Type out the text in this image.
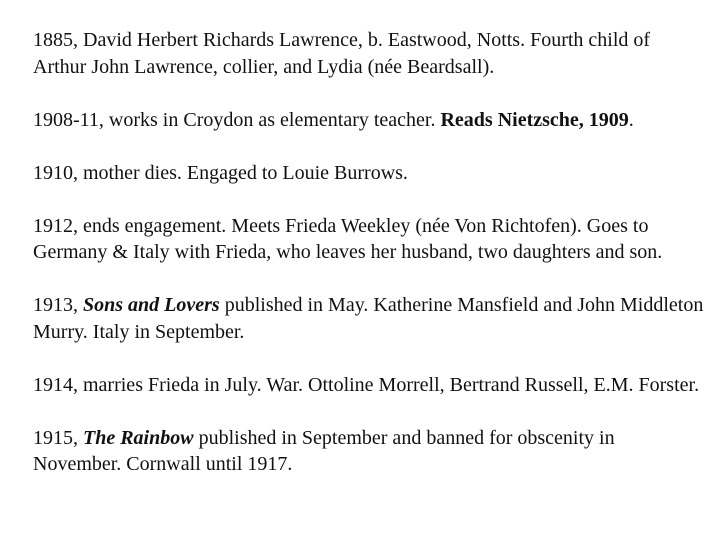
1885, David Herbert Richards Lawrence, b. Eastwood, Notts. Fourth child of Arthur John Lawrence, collier, and Lydia (née Beardsall).

1908-11, works in Croydon as elementary teacher. Reads Nietzsche, 1909.

1910, mother dies. Engaged to Louie Burrows.

1912, ends engagement. Meets Frieda Weekley (née Von Richtofen). Goes to Germany & Italy with Frieda, who leaves her husband, two daughters and son.

1913, Sons and Lovers published in May. Katherine Mansfield and John Middleton Murry. Italy in September.

1914, marries Frieda in July. War. Ottoline Morrell, Bertrand Russell, E.M. Forster.

1915, The Rainbow published in September and banned for obscenity in November. Cornwall until 1917.
